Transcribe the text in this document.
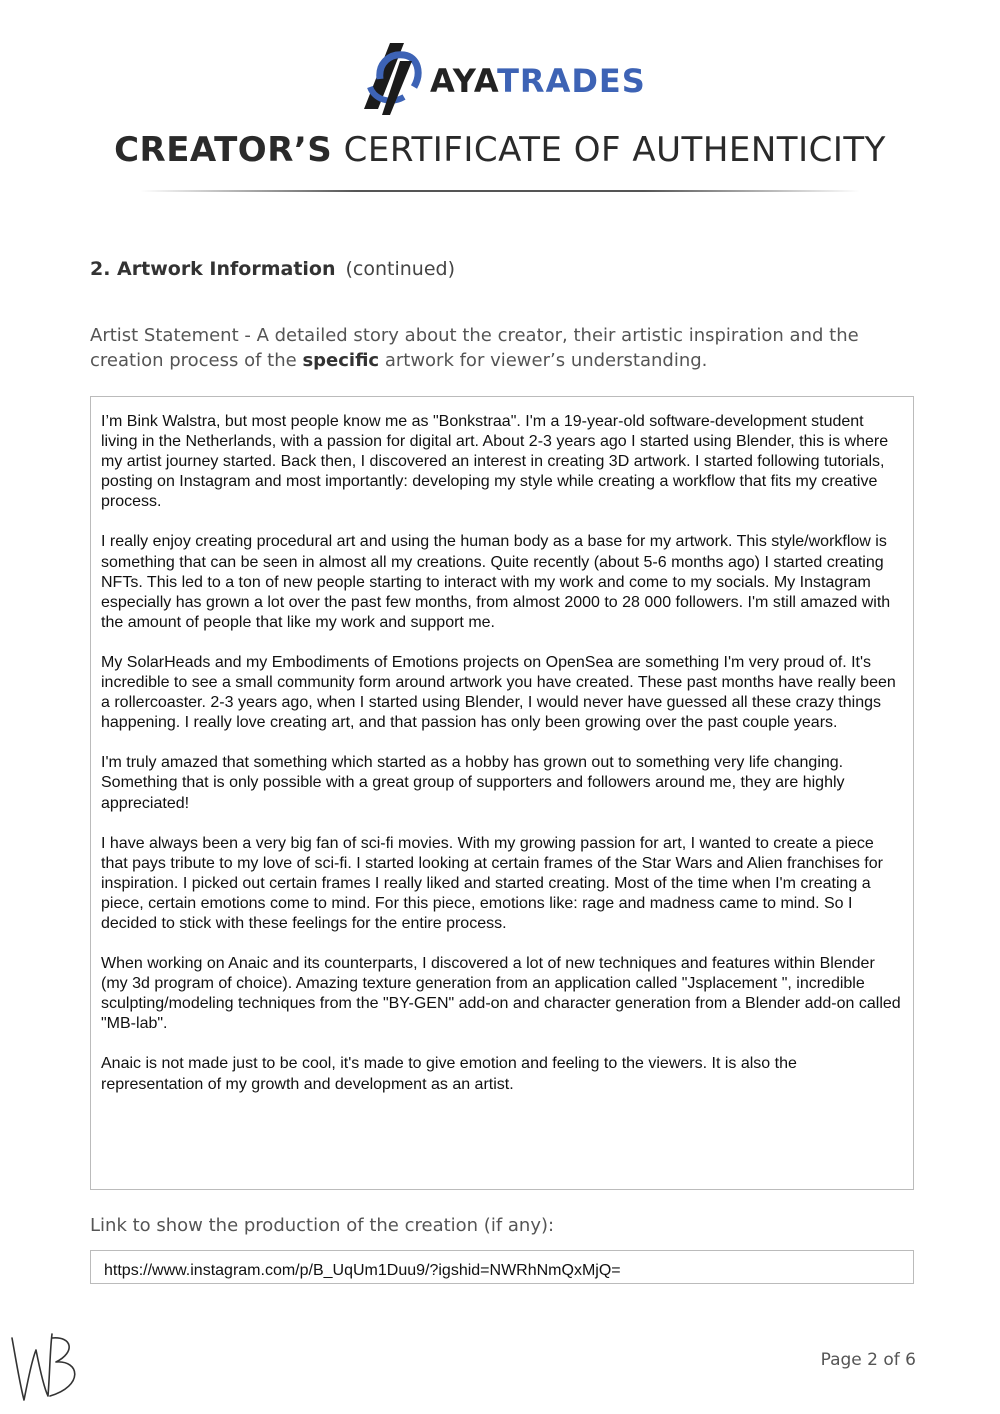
AYATRADES
CREATOR’S CERTIFICATE OF AUTHENTICITY
2. Artwork Information (continued)
Artist Statement - A detailed story about the creator, their artistic inspiration and the creation process of the specific artwork for viewer’s understanding.

I’m Bink Walstra, but most people know me as "Bonkstraa". I'm a 19-year-old software-development student living in the Netherlands, with a passion for digital art. About 2-3 years ago I started using Blender, this is where my artist journey started. Back then, I discovered an interest in creating 3D artwork. I started following tutorials, posting on Instagram and most importantly: developing my style while creating a workflow that fits my creative process.

I really enjoy creating procedural art and using the human body as a base for my artwork. This style/workflow is something that can be seen in almost all my creations. Quite recently (about 5-6 months ago) I started creating NFTs. This led to a ton of new people starting to interact with my work and come to my socials. My Instagram especially has grown a lot over the past few months, from almost 2000 to 28 000 followers. I'm still amazed with the amount of people that like my work and support me.

My SolarHeads and my Embodiments of Emotions projects on OpenSea are something I'm very proud of. It's incredible to see a small community form around artwork you have created. These past months have really been a rollercoaster. 2-3 years ago, when I started using Blender, I would never have guessed all these crazy things happening. I really love creating art, and that passion has only been growing over the past couple years.

I'm truly amazed that something which started as a hobby has grown out to something very life changing. Something that is only possible with a great group of supporters and followers around me, they are highly appreciated!

I have always been a very big fan of sci-fi movies. With my growing passion for art, I wanted to create a piece that pays tribute to my love of sci-fi. I started looking at certain frames of the Star Wars and Alien franchises for inspiration. I picked out certain frames I really liked and started creating. Most of the time when I'm creating a piece, certain emotions come to mind. For this piece, emotions like: rage and madness came to mind. So I decided to stick with these feelings for the entire process.

When working on Anaic and its counterparts, I discovered a lot of new techniques and features within Blender (my 3d program of choice). Amazing texture generation from an application called "Jsplacement ", incredible sculpting/modeling techniques from the "BY-GEN" add-on and character generation from a Blender add-on called "MB-lab".

Anaic is not made just to be cool, it's made to give emotion and feeling to the viewers. It is also the representation of my growth and development as an artist.

Link to show the production of the creation (if any):
https://www.instagram.com/p/B_UqUm1Duu9/?igshid=NWRhNmQxMjQ=
Page 2 of 6
